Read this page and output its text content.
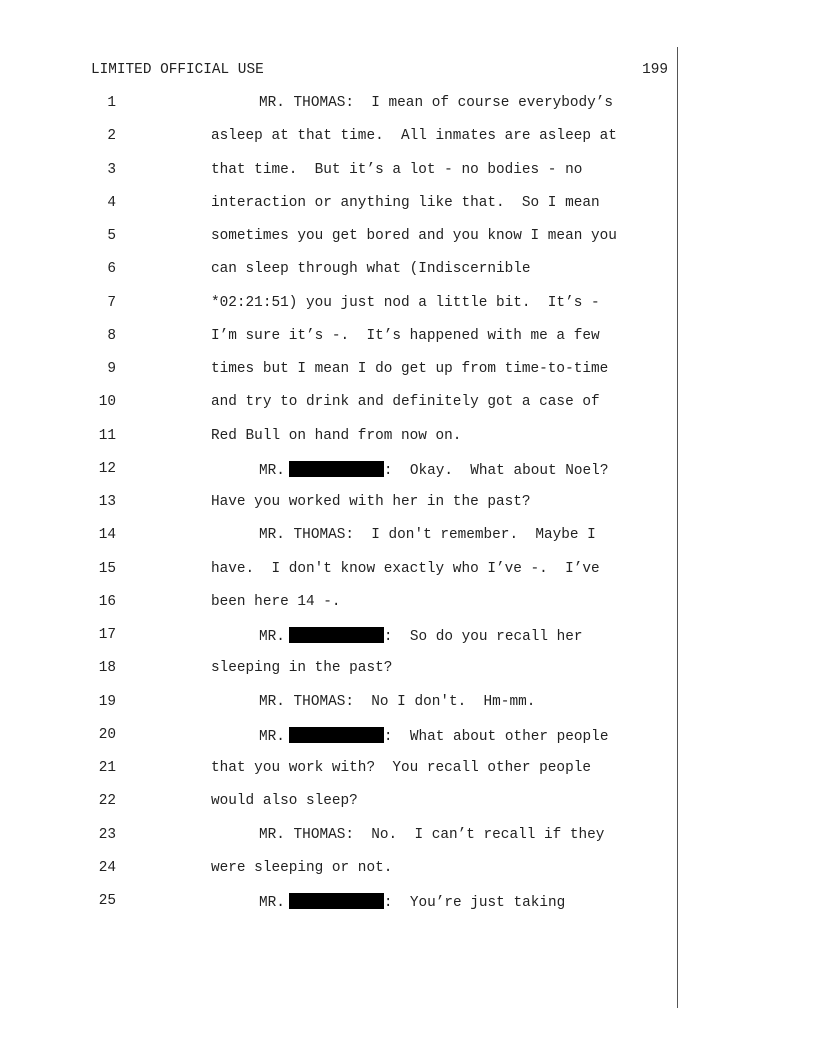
LIMITED OFFICIAL USE	199
1	MR. THOMAS:  I mean of course everybody’s
2	asleep at that time.  All inmates are asleep at
3	that time.  But it’s a lot - no bodies - no
4	interaction or anything like that.  So I mean
5	sometimes you get bored and you know I mean you
6	can sleep through what (Indiscernible
7	*02:21:51) you just nod a little bit.  It’s -
8	I’m sure it’s -.  It’s happened with me a few
9	times but I mean I do get up from time-to-time
10	and try to drink and definitely got a case of
11	Red Bull on hand from now on.
12	MR.	:  Okay.  What about Noel?
13	Have you worked with her in the past?
14	MR. THOMAS:  I don't remember.  Maybe I
15	have.  I don't know exactly who I’ve -.  I’ve
16	been here 14 -.
17	MR.	:  So do you recall her
18	sleeping in the past?
19	MR. THOMAS:  No I don't.  Hm-mm.
20	MR.	:  What about other people
21	that you work with?  You recall other people
22	would also sleep?
23	MR. THOMAS:  No.  I can’t recall if they
24	were sleeping or not.
25	MR.	:  You’re just taking
